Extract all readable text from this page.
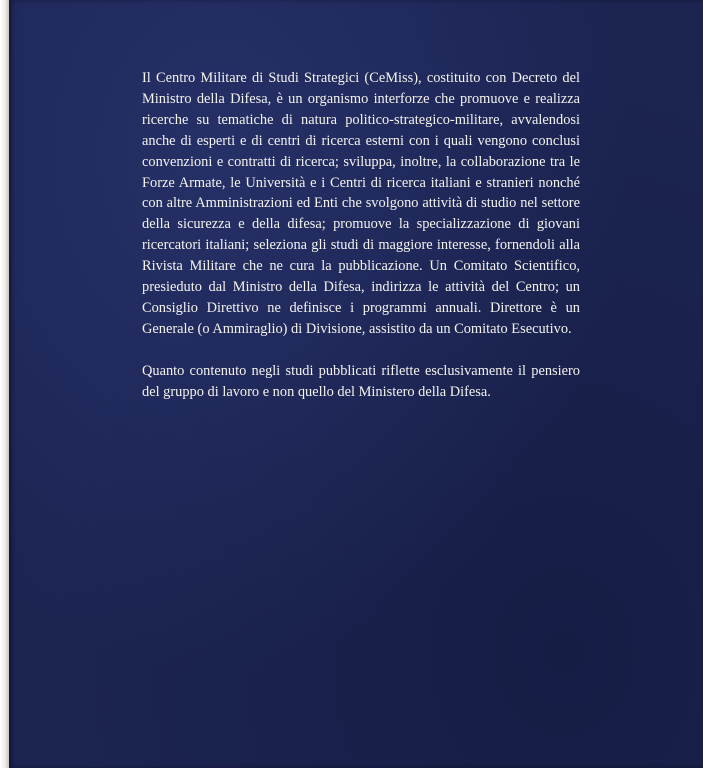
Il Centro Militare di Studi Strategici (CeMiss), costituito con Decreto del Ministro della Difesa, è un organismo interforze che promuove e realizza ricerche su tematiche di natura politico-strategico-militare, avvalendosi anche di esperti e di centri di ricerca esterni con i quali vengono conclusi convenzioni e contratti di ricerca; sviluppa, inoltre, la collaborazione tra le Forze Armate, le Università e i Centri di ricerca italiani e stranieri nonché con altre Amministrazioni ed Enti che svolgono attività di studio nel settore della sicurezza e della difesa; promuove la specializzazione di giovani ricercatori italiani; seleziona gli studi di maggiore interesse, fornendoli alla Rivista Militare che ne cura la pubblicazione. Un Comitato Scientifico, presieduto dal Ministro della Difesa, indirizza le attività del Centro; un Consiglio Direttivo ne definisce i programmi annuali. Direttore è un Generale (o Ammiraglio) di Divisione, assistito da un Comitato Esecutivo.

Quanto contenuto negli studi pubblicati riflette esclusivamente il pensiero del gruppo di lavoro e non quello del Ministero della Difesa.
